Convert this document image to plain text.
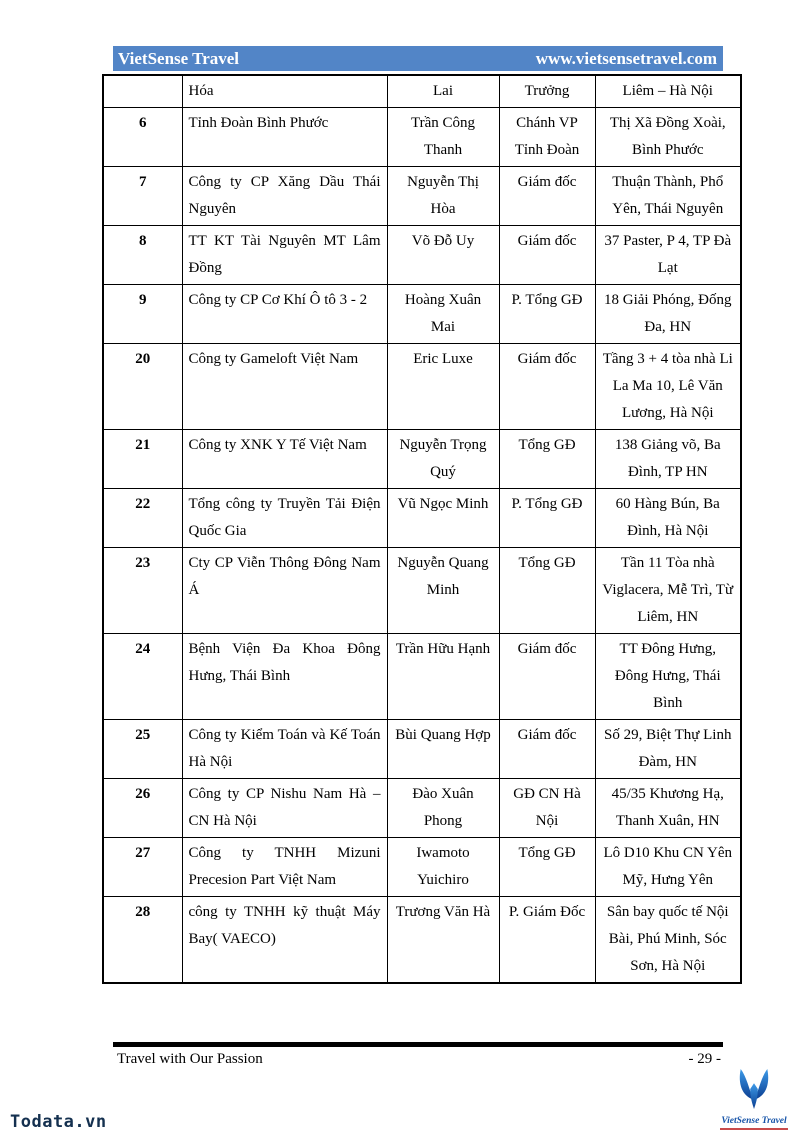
VietSense Travel	www.vietsensetravel.com
	Hóa	Lai	Trưởng	Liêm – Hà Nội
6	Tỉnh Đoàn Bình Phước	Trần Công Thanh	Chánh VP Tỉnh Đoàn	Thị Xã Đồng Xoài, Bình Phước
7	Công ty CP Xăng Dầu Thái Nguyên	Nguyễn Thị Hòa	Giám đốc	Thuận Thành, Phổ Yên, Thái Nguyên
8	TT KT Tài Nguyên MT Lâm Đồng	Võ Đỗ Uy	Giám đốc	37 Paster, P 4, TP Đà Lạt
9	Công ty CP Cơ Khí Ô tô 3 - 2	Hoàng Xuân Mai	P. Tổng GĐ	18 Giải Phóng, Đống Đa, HN
20	Công ty Gameloft Việt Nam	Eric Luxe	Giám đốc	Tầng 3 + 4 tòa nhà Li La Ma 10, Lê Văn Lương, Hà Nội
21	Công ty XNK Y Tế Việt Nam	Nguyễn Trọng Quý	Tổng GĐ	138 Giảng võ, Ba Đình, TP HN
22	Tổng công ty Truyền Tải Điện Quốc Gia	Vũ Ngọc Minh	P. Tổng GĐ	60 Hàng Bún, Ba Đình, Hà Nội
23	Cty CP Viễn Thông Đông Nam Á	Nguyễn Quang Minh	Tổng GĐ	Tần 11 Tòa nhà Viglacera, Mễ Trì, Từ Liêm, HN
24	Bệnh Viện Đa Khoa Đông Hưng, Thái Bình	Trần Hữu Hạnh	Giám đốc	TT Đông Hưng, Đông Hưng, Thái Bình
25	Công ty Kiểm Toán và Kế Toán Hà Nội	Bùi Quang Hợp	Giám đốc	Số 29, Biệt Thự Linh Đàm, HN
26	Công ty CP Nishu Nam Hà – CN Hà Nội	Đào Xuân Phong	GĐ CN Hà Nội	45/35 Khương Hạ, Thanh Xuân, HN
27	Công ty TNHH Mizuni Precesion Part Việt Nam	Iwamoto Yuichiro	Tổng GĐ	Lô D10 Khu CN Yên Mỹ, Hưng Yên
28	công ty TNHH kỹ thuật Máy Bay( VAECO)	Trương Văn Hà	P. Giám Đốc	Sân bay quốc tế Nội Bài, Phú Minh, Sóc Sơn, Hà Nội
Travel with Our Passion	- 29 -
Todata.vn	VietSense Travel
